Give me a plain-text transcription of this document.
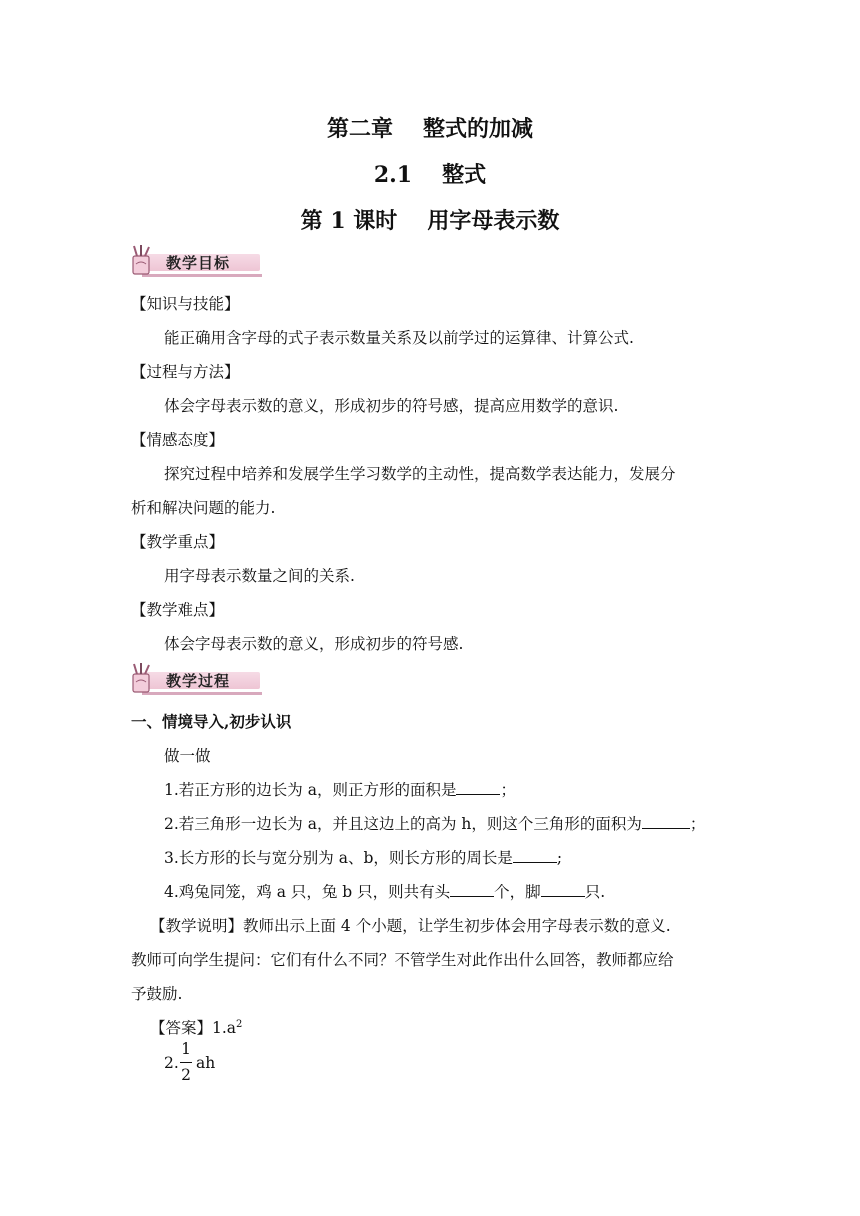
第二章 整式的加减
2.1 整式
第 1 课时 用字母表示数
教学目标
【知识与技能】
能正确用含字母的式子表示数量关系及以前学过的运算律、计算公式.
【过程与方法】
体会字母表示数的意义，形成初步的符号感，提高应用数学的意识.
【情感态度】
探究过程中培养和发展学生学习数学的主动性，提高数学表达能力，发展分
析和解决问题的能力.
【教学重点】
用字母表示数量之间的关系.
【教学难点】
体会字母表示数的意义，形成初步的符号感.
教学过程
一、情境导入,初步认识
做一做
1.若正方形的边长为 a，则正方形的面积是	；
2.若三角形一边长为 a，并且这边上的高为 h，则这个三角形的面积为	；
3.长方形的长与宽分别为 a、b，则长方形的周长是	;
4.鸡兔同笼，鸡 a 只，兔 b 只，则共有头	个，脚	只.
【教学说明】教师出示上面 4 个小题，让学生初步体会用字母表示数的意义.
教师可向学生提问：它们有什么不同？不管学生对此作出什么回答，教师都应给
予鼓励.
【答案】$1.a^2$
2.
1
2
ah
